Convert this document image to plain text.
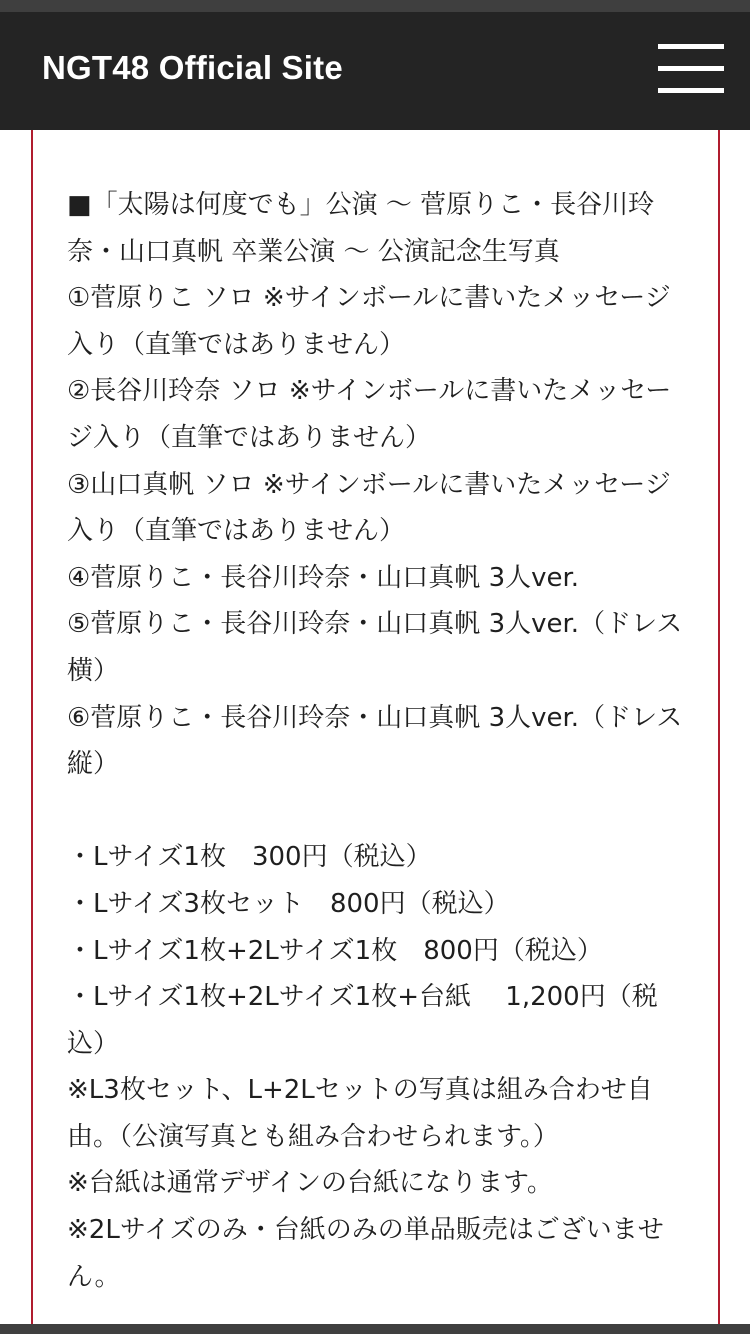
NGT48 Official Site

■「太陽は何度でも」公演 〜 菅原りこ・長谷川玲奈・山口真帆 卒業公演 〜 公演記念生写真

①菅原りこ ソロ ※サインボールに書いたメッセージ入り（直筆ではありません）

②長谷川玲奈 ソロ ※サインボールに書いたメッセージ入り（直筆ではありません）

③山口真帆 ソロ ※サインボールに書いたメッセージ入り（直筆ではありません）

④菅原りこ・長谷川玲奈・山口真帆 3人ver.

⑤菅原りこ・長谷川玲奈・山口真帆 3人ver.（ドレス 横）

⑥菅原りこ・長谷川玲奈・山口真帆 3人ver.（ドレス 縦）

・Lサイズ1枚　300円（税込）

・Lサイズ3枚セット　800円（税込）

・Lサイズ1枚+2Lサイズ1枚　800円（税込）

・Lサイズ1枚+2Lサイズ1枚+台紙　 1,200円（税込）

※L3枚セット、L+2Lセットの写真は組み合わせ自由。（公演写真とも組み合わせられます。）

※台紙は通常デザインの台紙になります。

※2Lサイズのみ・台紙のみの単品販売はございません。
